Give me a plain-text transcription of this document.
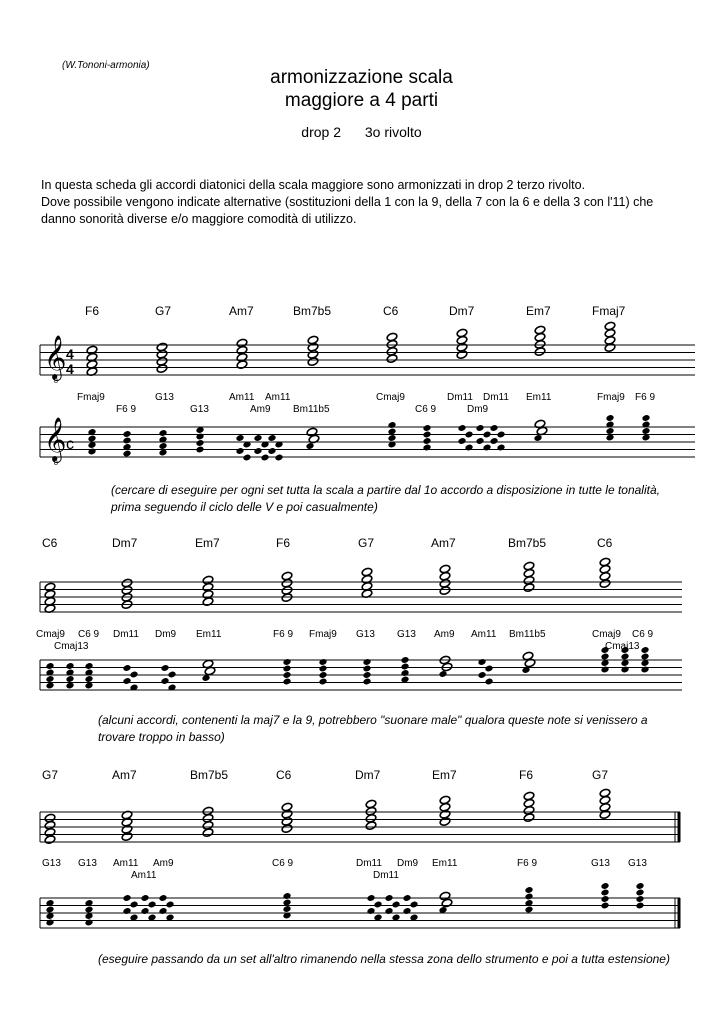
(W.Tononi-armonia)
armonizzazione scala
maggiore a 4 parti
drop 2 3o rivolto

In questa scheda gli accordi diatonici della scala maggiore sono armonizzati in drop 2 terzo rivolto.

Dove possibile vengono indicate alternative (sostituzioni della 1 con la 9, della 7 con la 6 e della 3 con l'11) che danno sonorità diverse e/o maggiore comodità di utilizzo.

𝄞
8
𝄞
8
4
4
c
F6	G7	Am7	Bm7b5	C6	Dm7	Em7	Fmaj7
C6	Dm7	Em7	F6	G7	Am7	Bm7b5	C6
G7	Am7	Bm7b5	C6	Dm7	Em7	F6	G7
Fmaj9	G13	Am11 Am11	Cmaj9	Dm11 Dm11 Em11	Fmaj9 F6 9
F6 9	G13	Am9 Bm11b5	C6 9	Dm9
Cmaj9 C6 9 Dm11 Dm9 Em11	F6 9 Fmaj9 G13 G13 Am9 Am11 Bm11b5	Cmaj9 C6 9
Cmaj13	Cmaj13
G13 G13 Am11 Am9	C6 9	Dm11 Dm9 Em11	F6 9	G13 G13
Am11	Dm11
(cercare di eseguire per ogni set tutta la scala a partire dal 1o accordo a disposizione in tutte le tonalità, prima seguendo il ciclo delle V e poi casualmente)
(alcuni accordi, contenenti la maj7 e la 9, potrebbero "suonare male" qualora queste note si venissero a trovare troppo in basso)
(eseguire passando da un set all'altro rimanendo nella stessa zona dello strumento e poi a tutta estensione)
